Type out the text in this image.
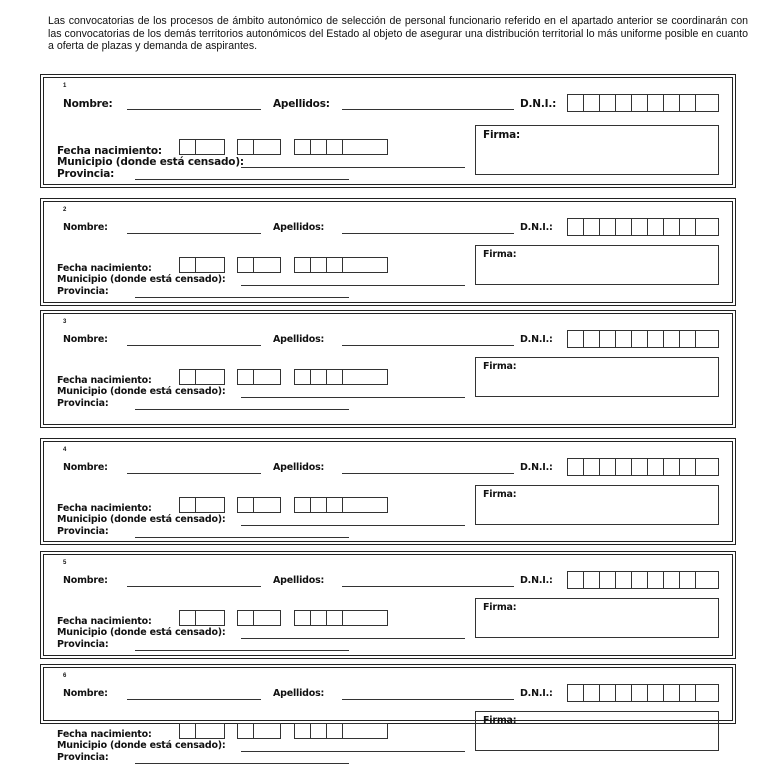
Las convocatorias de los procesos de ámbito autonómico de selección de personal funcionario referido en el apartado anterior se coordinarán con las convocatorias de los demás territorios autonómicos del Estado al objeto de asegurar una distribución territorial lo más uniforme posible en cuanto a oferta de plazas y demanda de aspirantes.
1
Nombre:	Apellidos:	D.N.I.:
Fecha nacimiento:
Municipio (donde está censado):
Provincia:
Firma:
2
Nombre:	Apellidos:	D.N.I.:
Fecha nacimiento:
Municipio (donde está censado):
Provincia:
Firma:
3
Nombre:	Apellidos:	D.N.I.:
Fecha nacimiento:
Municipio (donde está censado):
Provincia:
Firma:
4
Nombre:	Apellidos:	D.N.I.:
Fecha nacimiento:
Municipio (donde está censado):
Provincia:
Firma:
5
Nombre:	Apellidos:	D.N.I.:
Fecha nacimiento:
Municipio (donde está censado):
Provincia:
Firma:
6
Nombre:	Apellidos:	D.N.I.:
Fecha nacimiento:
Municipio (donde está censado):
Provincia:
Firma:
